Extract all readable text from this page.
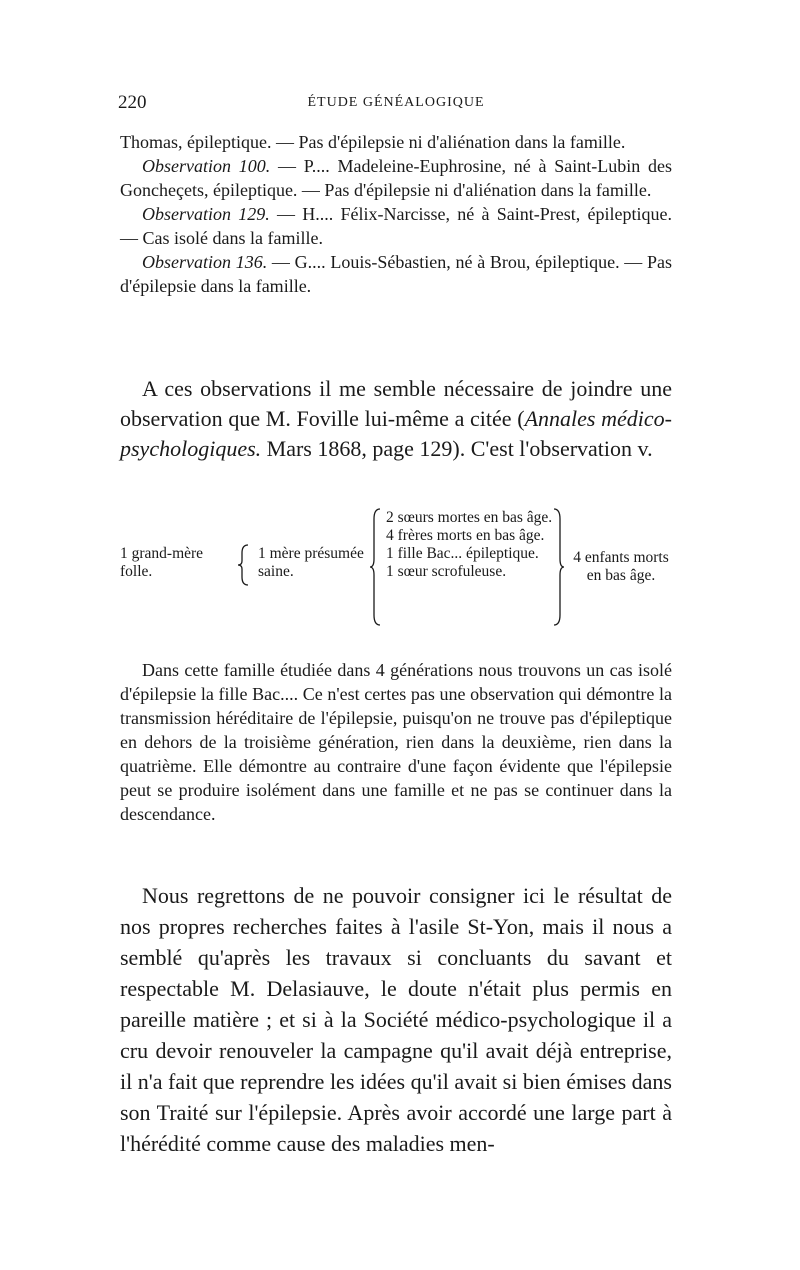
220	ÉTUDE GÉNÉALOGIQUE

Thomas, épileptique. — Pas d'épilepsie ni d'aliénation dans la famille.

Observation 100. — P.... Madeleine-Euphrosine, né à Saint-Lubin des Goncheçets, épileptique. — Pas d'épilepsie ni d'aliénation dans la famille.

Observation 129. — H.... Félix-Narcisse, né à Saint-Prest, épileptique. — Cas isolé dans la famille.

Observation 136. — G.... Louis-Sébastien, né à Brou, épileptique. — Pas d'épilepsie dans la famille.

A ces observations il me semble nécessaire de joindre une observation que M. Foville lui-même a citée (Annales médico-psychologiques. Mars 1868, page 129). C'est l'observation v.

1 grand-mère folle.
1 mère présumée saine.
2 sœurs mortes en bas âge.
4 frères morts en bas âge.
1 fille Bac... épileptique.
1 sœur scrofuleuse.
4 enfants morts en bas âge.

Dans cette famille étudiée dans 4 générations nous trouvons un cas isolé d'épilepsie la fille Bac.... Ce n'est certes pas une observation qui démontre la transmission héréditaire de l'épilepsie, puisqu'on ne trouve pas d'épileptique en dehors de la troisième génération, rien dans la deuxième, rien dans la quatrième. Elle démontre au contraire d'une façon évidente que l'épilepsie peut se produire isolément dans une famille et ne pas se continuer dans la descendance.

Nous regrettons de ne pouvoir consigner ici le résultat de nos propres recherches faites à l'asile St-Yon, mais il nous a semblé qu'après les travaux si concluants du savant et respectable M. Delasiauve, le doute n'était plus permis en pareille matière ; et si à la Société médico-psychologique il a cru devoir renouveler la campagne qu'il avait déjà entreprise, il n'a fait que reprendre les idées qu'il avait si bien émises dans son Traité sur l'épilepsie. Après avoir accordé une large part à l'hérédité comme cause des maladies men-
